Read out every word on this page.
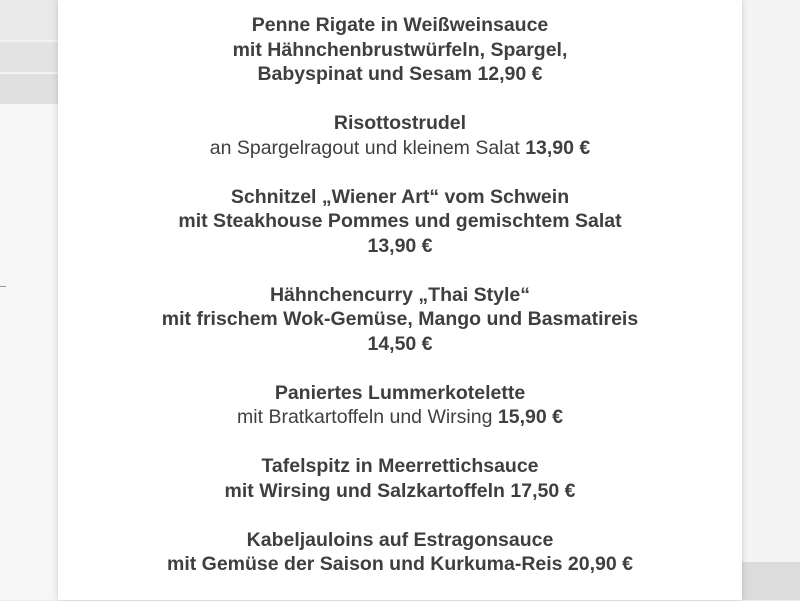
Penne Rigate in Weißweinsauce
mit Hähnchenbrustwürfeln, Spargel,
Babyspinat und Sesam 12,90 €
Risottostrudel
an Spargelragout und kleinem Salat 13,90 €
Schnitzel „Wiener Art“ vom Schwein
mit Steakhouse Pommes und gemischtem Salat
13,90 €
Hähnchencurry „Thai Style“
mit frischem Wok-Gemüse, Mango und Basmatireis
14,50 €
Paniertes Lummerkotelette
mit Bratkartoffeln und Wirsing 15,90 €
Tafelspitz in Meerrettichsauce
mit Wirsing und Salzkartoffeln 17,50 €
Kabeljauloins auf Estragonsauce
mit Gemüse der Saison und Kurkuma-Reis 20,90 €
